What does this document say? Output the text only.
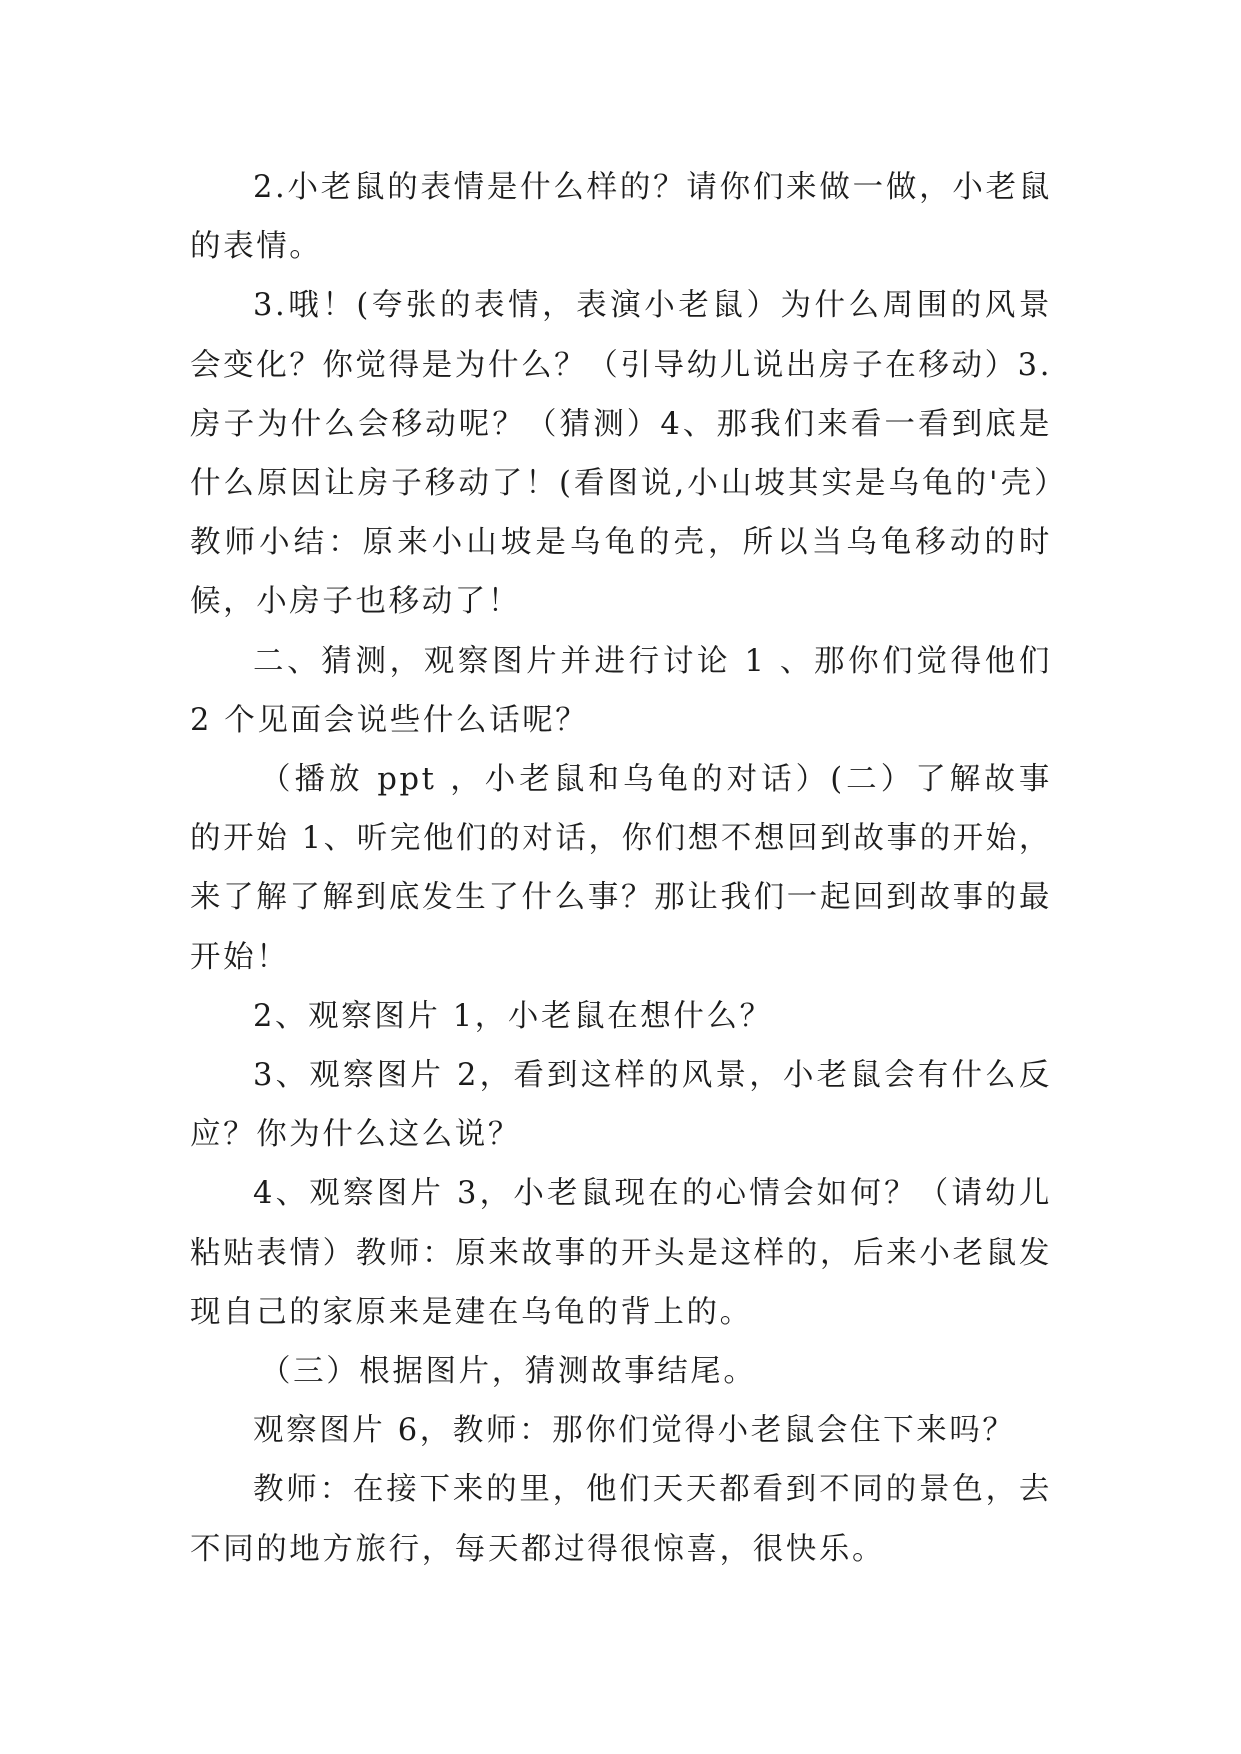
2.小老鼠的表情是什么样的？请你们来做一做，小老鼠的表情。

3.哦！(夸张的表情，表演小老鼠）为什么周围的风景会变化？你觉得是为什么？（引导幼儿说出房子在移动）3.房子为什么会移动呢？（猜测）4、那我们来看一看到底是什么原因让房子移动了！(看图说,小山坡其实是乌龟的'壳）教师小结：原来小山坡是乌龟的壳，所以当乌龟移动的时候，小房子也移动了！

二、猜测，观察图片并进行讨论 1 、那你们觉得他们 2 个见面会说些什么话呢？

（播放 ppt ，小老鼠和乌龟的对话）(二）了解故事的开始 1、听完他们的对话，你们想不想回到故事的开始，来了解了解到底发生了什么事？那让我们一起回到故事的最开始！

2、观察图片 1，小老鼠在想什么？

3、观察图片 2，看到这样的风景，小老鼠会有什么反应？你为什么这么说？

4、观察图片 3，小老鼠现在的心情会如何？（请幼儿粘贴表情）教师：原来故事的开头是这样的，后来小老鼠发现自己的家原来是建在乌龟的背上的。

（三）根据图片，猜测故事结尾。

观察图片 6，教师：那你们觉得小老鼠会住下来吗？

教师：在接下来的里，他们天天都看到不同的景色，去不同的地方旅行，每天都过得很惊喜，很快乐。
